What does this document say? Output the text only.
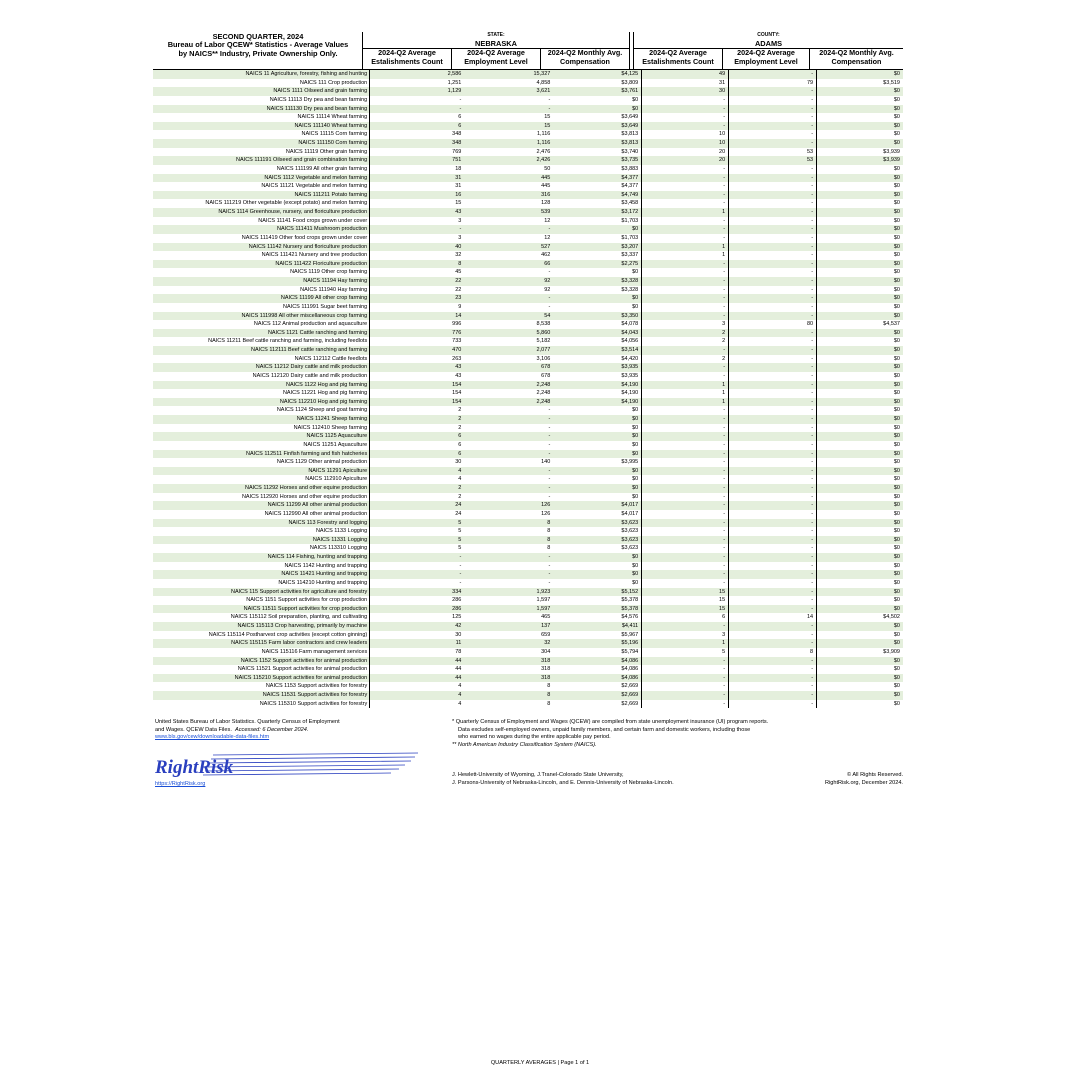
SECOND QUARTER, 2024
Bureau of Labor QCEW* Statistics - Average Values
by NAICS** Industry, Private Ownership Only.
STATE:
NEBRASKA
COUNTY:
ADAMS
2024-Q2 Average Estalishments Count
2024-Q2 Average Employment Level
2024-Q2 Monthly Avg. Compensation
2024-Q2 Average Estalishments Count
2024-Q2 Average Employment Level
2024-Q2 Monthly Avg. Compensation
NAICS 11 Agriculture, forestry, fishing and hunting	2,586	15,327	$4,125	49	-	$0
NAICS 111 Crop production	1,251	4,858	$3,809	31	79	$3,519
NAICS 1111 Oilseed and grain farming	1,129	3,621	$3,761	30	-	$0
NAICS 11113 Dry pea and bean farming	-	-	$0	-	-	$0
NAICS 111130 Dry pea and bean farming	-	-	$0	-	-	$0
NAICS 11114 Wheat farming	6	15	$3,649	-	-	$0
NAICS 111140 Wheat farming	6	15	$3,649	-	-	$0
NAICS 11115 Corn farming	348	1,116	$3,813	10	-	$0
NAICS 111150 Corn farming	348	1,116	$3,813	10	-	$0
NAICS 11119 Other grain farming	769	2,476	$3,740	20	53	$3,939
NAICS 111191 Oilseed and grain combination farming	751	2,426	$3,735	20	53	$3,939
NAICS 111199 All other grain farming	18	50	$3,883	-	-	$0
NAICS 1112 Vegetable and melon farming	31	445	$4,377	-	-	$0
NAICS 11121 Vegetable and melon farming	31	445	$4,377	-	-	$0
NAICS 111211 Potato farming	16	316	$4,749	-	-	$0
NAICS 111219 Other vegetable (except potato) and melon farming	15	128	$3,458	-	-	$0
NAICS 1114 Greenhouse, nursery, and floriculture production	43	539	$3,172	1	-	$0
NAICS 11141 Food crops grown under cover	3	12	$1,703	-	-	$0
NAICS 111411 Mushroom production	-	-	$0	-	-	$0
NAICS 111419 Other food crops grown under cover	3	12	$1,703	-	-	$0
NAICS 11142 Nursery and floriculture production	40	527	$3,207	1	-	$0
NAICS 111421 Nursery and tree production	32	462	$3,337	1	-	$0
NAICS 111422 Floriculture production	8	66	$2,275	-	-	$0
NAICS 1119 Other crop farming	45	-	$0	-	-	$0
NAICS 11194 Hay farming	22	92	$3,328	-	-	$0
NAICS 111940 Hay farming	22	92	$3,328	-	-	$0
NAICS 11199 All other crop farming	23	-	$0	-	-	$0
NAICS 111991 Sugar beet farming	9	-	$0	-	-	$0
NAICS 111998 All other miscellaneous crop farming	14	54	$3,350	-	-	$0
NAICS 112 Animal production and aquaculture	996	8,538	$4,078	3	80	$4,537
NAICS 1121 Cattle ranching and farming	776	5,860	$4,043	2	-	$0
NAICS 11211 Beef cattle ranching and farming, including feedlots	733	5,182	$4,056	2	-	$0
NAICS 112111 Beef cattle ranching and farming	470	2,077	$3,514	-	-	$0
NAICS 112112 Cattle feedlots	263	3,106	$4,420	2	-	$0
NAICS 11212 Dairy cattle and milk production	43	678	$3,935	-	-	$0
NAICS 112120 Dairy cattle and milk production	43	678	$3,935	-	-	$0
NAICS 1122 Hog and pig farming	154	2,248	$4,190	1	-	$0
NAICS 11221 Hog and pig farming	154	2,248	$4,190	1	-	$0
NAICS 112210 Hog and pig farming	154	2,248	$4,190	1	-	$0
NAICS 1124 Sheep and goat farming	2	-	$0	-	-	$0
NAICS 11241 Sheep farming	2	-	$0	-	-	$0
NAICS 112410 Sheep farming	2	-	$0	-	-	$0
NAICS 1125 Aquaculture	6	-	$0	-	-	$0
NAICS 11251 Aquaculture	6	-	$0	-	-	$0
NAICS 112511 Finfish farming and fish hatcheries	6	-	$0	-	-	$0
NAICS 1129 Other animal production	30	140	$3,995	-	-	$0
NAICS 11291 Apiculture	4	-	$0	-	-	$0
NAICS 112910 Apiculture	4	-	$0	-	-	$0
NAICS 11292 Horses and other equine production	2	-	$0	-	-	$0
NAICS 112920 Horses and other equine production	2	-	$0	-	-	$0
NAICS 11299 All other animal production	24	126	$4,017	-	-	$0
NAICS 112990 All other animal production	24	126	$4,017	-	-	$0
NAICS 113 Forestry and logging	5	8	$3,623	-	-	$0
NAICS 1133 Logging	5	8	$3,623	-	-	$0
NAICS 11331 Logging	5	8	$3,623	-	-	$0
NAICS 113310 Logging	5	8	$3,623	-	-	$0
NAICS 114 Fishing, hunting and trapping	-	-	$0	-	-	$0
NAICS 1142 Hunting and trapping	-	-	$0	-	-	$0
NAICS 11421 Hunting and trapping	-	-	$0	-	-	$0
NAICS 114210 Hunting and trapping	-	-	$0	-	-	$0
NAICS 115 Support activities for agriculture and forestry	334	1,923	$5,152	15	-	$0
NAICS 1151 Support activities for crop production	286	1,597	$5,378	15	-	$0
NAICS 11511 Support activities for crop production	286	1,597	$5,378	15	-	$0
NAICS 115112 Soil preparation, planting, and cultivating	125	465	$4,576	6	14	$4,502
NAICS 115113 Crop harvesting, primarily by machine	42	137	$4,411	-	-	$0
NAICS 115114 Postharvest crop activities (except cotton ginning)	30	659	$5,967	3	-	$0
NAICS 115115 Farm labor contractors and crew leaders	11	32	$5,196	1	-	$0
NAICS 115116 Farm management services	78	304	$5,794	5	8	$3,909
NAICS 1152 Support activities for animal production	44	318	$4,086	-	-	$0
NAICS 11521 Support activities for animal production	44	318	$4,086	-	-	$0
NAICS 115210 Support activities for animal production	44	318	$4,086	-	-	$0
NAICS 1153 Support activities for forestry	4	8	$2,669	-	-	$0
NAICS 11531 Support activities for forestry	4	8	$2,669	-	-	$0
NAICS 115310 Support activities for forestry	4	8	$2,669	-	-	$0
United States Bureau of Labor Statistics. Quarterly Census of Employment
and Wages. QCEW Data Files. Accessed: 6 December 2024.
www.bls.gov/cew/downloadable-data-files.htm
* Quarterly Census of Employment and Wages (QCEW) are compiled from state unemployment insurance (UI) program reports.
Data excludes self-employed owners, unpaid family members, and certain farm and domestic workers, including those
who earned no wages during the entire applicable pay period.
** North American Industry Classification System (NAICS).
RightRisk
https://RightRisk.org
J. Hewlett-University of Wyoming, J.Tranel-Colorado State University,
J. Parsons-University of Nebraska-Lincoln, and E. Dennis-University of Nebraska-Lincoln.
© All Rights Reserved.
RightRisk.org, December 2024.
QUARTERLY AVERAGES | Page 1 of 1
